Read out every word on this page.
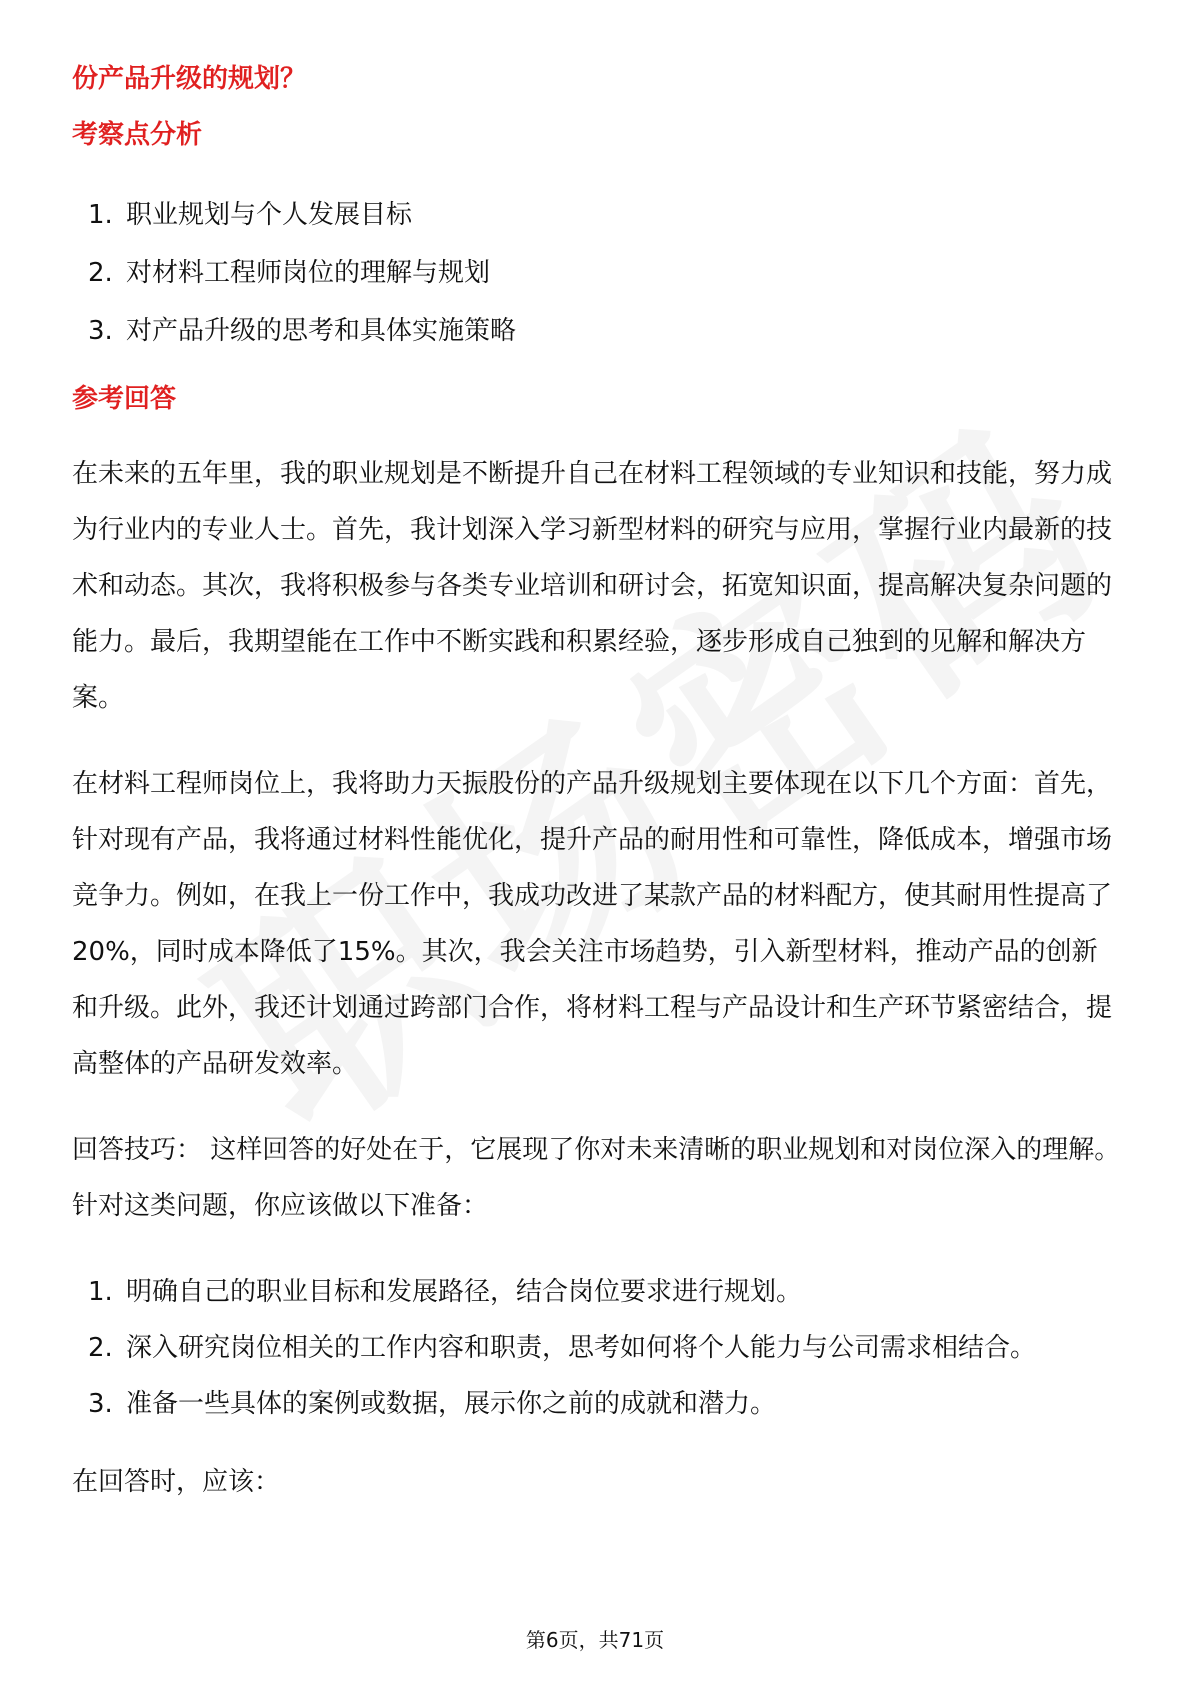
份产品升级的规划？
考察点分析
1. 职业规划与个人发展目标
2. 对材料工程师岗位的理解与规划
3. 对产品升级的思考和具体实施策略
参考回答

在未来的五年里，我的职业规划是不断提升自己在材料工程领域的专业知识和技能，努力成为行业内的专业人士。首先，我计划深入学习新型材料的研究与应用，掌握行业内最新的技术和动态。其次，我将积极参与各类专业培训和研讨会，拓宽知识面，提高解决复杂问题的能力。最后，我期望能在工作中不断实践和积累经验，逐步形成自己独到的见解和解决方案。

在材料工程师岗位上，我将助力天振股份的产品升级规划主要体现在以下几个方面：首先，针对现有产品，我将通过材料性能优化，提升产品的耐用性和可靠性，降低成本，增强市场竞争力。例如，在我上一份工作中，我成功改进了某款产品的材料配方，使其耐用性提高了20%，同时成本降低了15%。其次，我会关注市场趋势，引入新型材料，推动产品的创新和升级。此外，我还计划通过跨部门合作，将材料工程与产品设计和生产环节紧密结合，提高整体的产品研发效率。

回答技巧： 这样回答的好处在于，它展现了你对未来清晰的职业规划和对岗位深入的理解。针对这类问题，你应该做以下准备：

1. 明确自己的职业目标和发展路径，结合岗位要求进行规划。
2. 深入研究岗位相关的工作内容和职责，思考如何将个人能力与公司需求相结合。
3. 准备一些具体的案例或数据，展示你之前的成就和潜力。

在回答时，应该：

第6页，共71页
